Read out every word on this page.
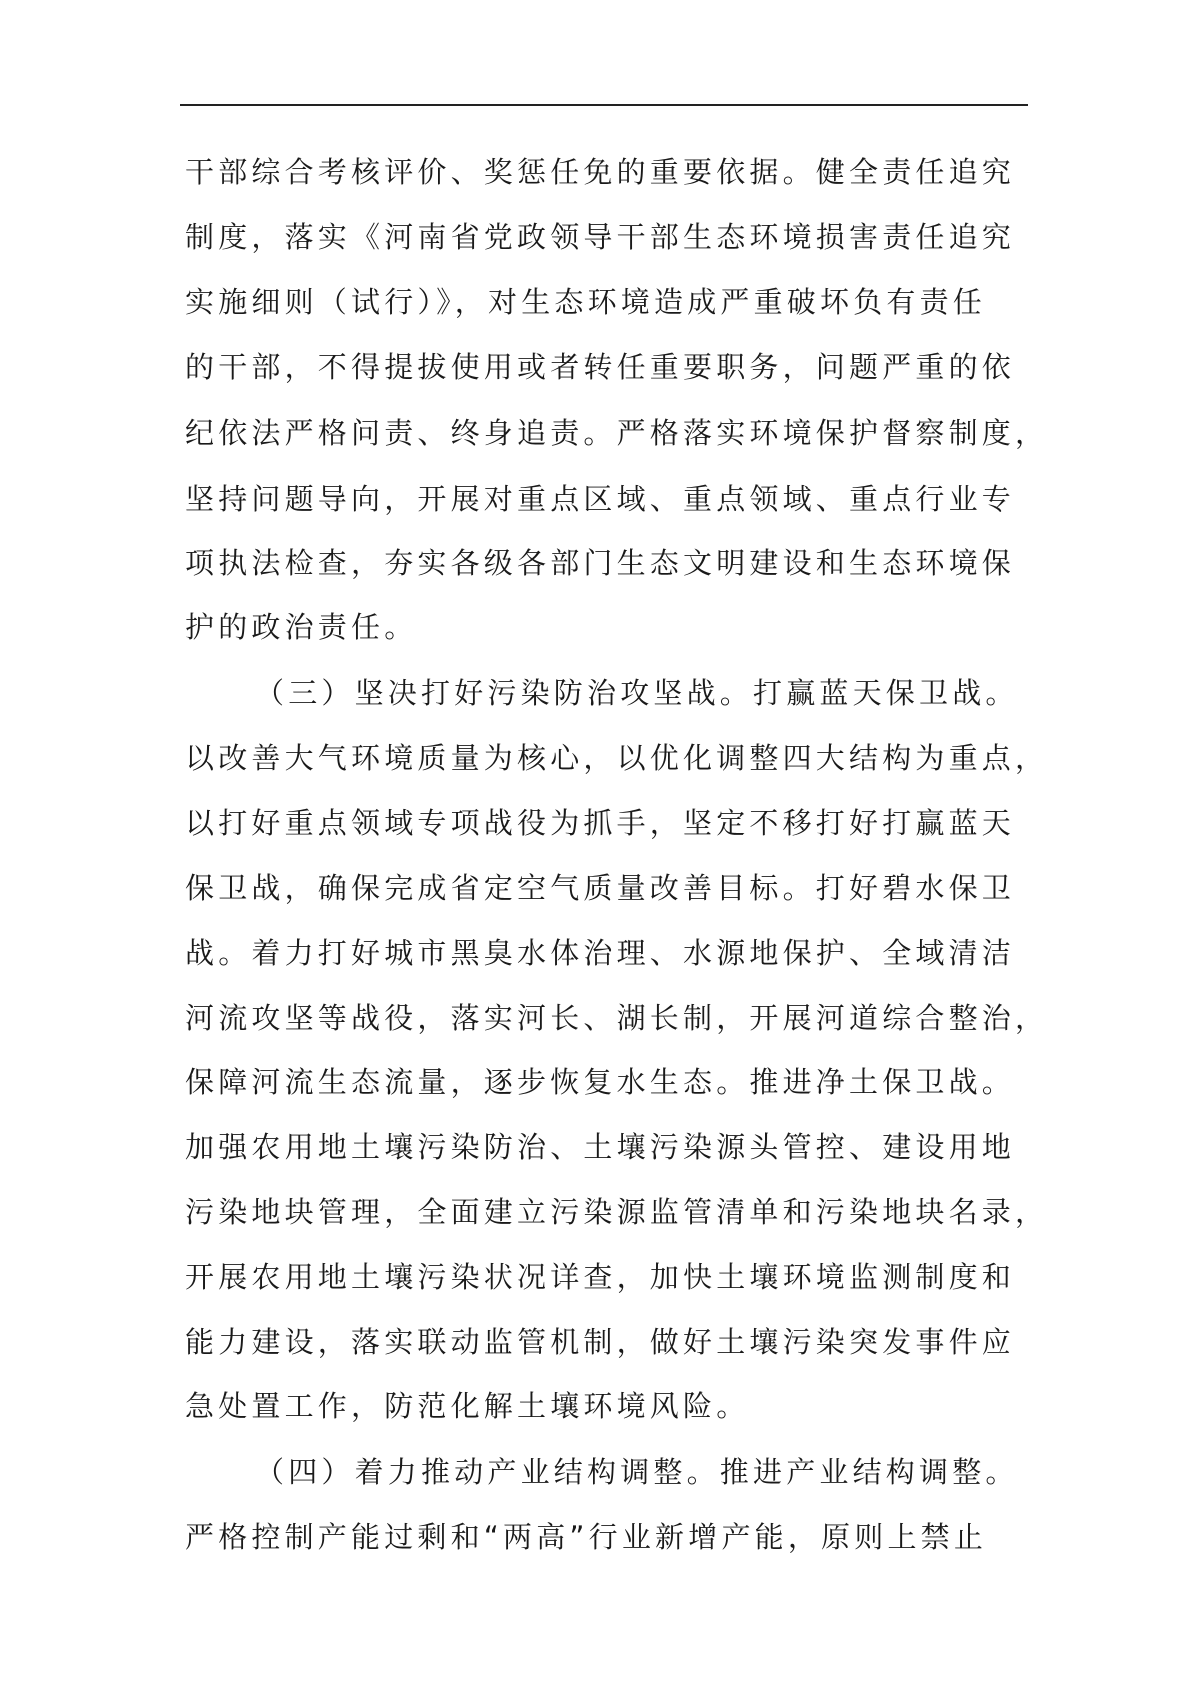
干部综合考核评价、奖惩任免的重要依据。健全责任追究
制度，落实《河南省党政领导干部生态环境损害责任追究
实施细则（试行）》，对生态环境造成严重破坏负有责任
的干部，不得提拔使用或者转任重要职务，问题严重的依
纪依法严格问责、终身追责。严格落实环境保护督察制度，
坚持问题导向，开展对重点区域、重点领域、重点行业专
项执法检查，夯实各级各部门生态文明建设和生态环境保
护的政治责任。
（三）坚决打好污染防治攻坚战。打赢蓝天保卫战。
以改善大气环境质量为核心，以优化调整四大结构为重点，
以打好重点领域专项战役为抓手，坚定不移打好打赢蓝天
保卫战，确保完成省定空气质量改善目标。打好碧水保卫
战。着力打好城市黑臭水体治理、水源地保护、全域清洁
河流攻坚等战役，落实河长、湖长制，开展河道综合整治，
保障河流生态流量，逐步恢复水生态。推进净土保卫战。
加强农用地土壤污染防治、土壤污染源头管控、建设用地
污染地块管理，全面建立污染源监管清单和污染地块名录，
开展农用地土壤污染状况详查，加快土壤环境监测制度和
能力建设，落实联动监管机制，做好土壤污染突发事件应
急处置工作，防范化解土壤环境风险。
（四）着力推动产业结构调整。推进产业结构调整。
严格控制产能过剩和“两高”行业新增产能，原则上禁止
